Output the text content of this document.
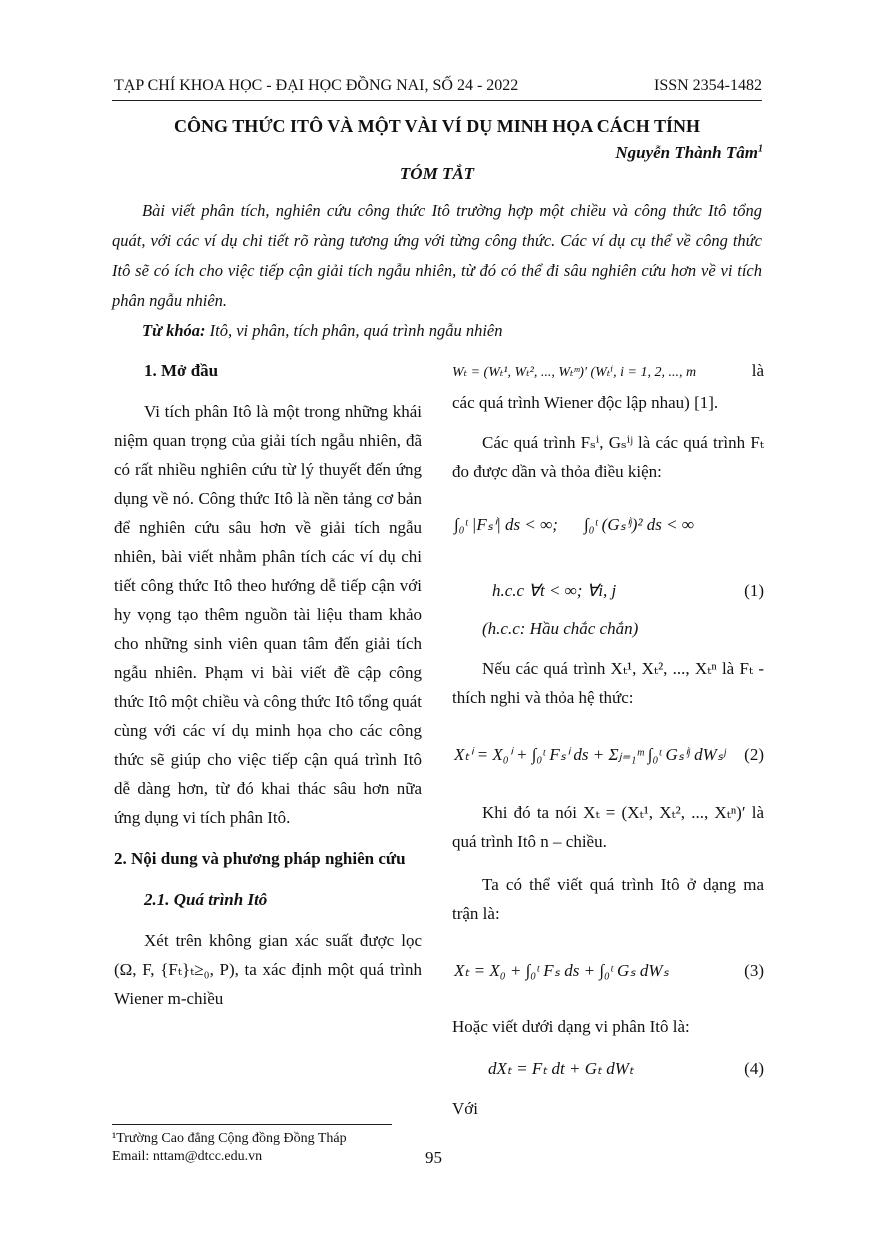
TẠP CHÍ KHOA HỌC - ĐẠI HỌC ĐỒNG NAI, SỐ 24 - 2022	ISSN 2354-1482
CÔNG THỨC ITÔ VÀ MỘT VÀI VÍ DỤ MINH HỌA CÁCH TÍNH
Nguyễn Thành Tâm$^1$
TÓM TẮT

Bài viết phân tích, nghiên cứu công thức Itô trường hợp một chiều và công thức Itô tổng quát, với các ví dụ chi tiết rõ ràng tương ứng với từng công thức. Các ví dụ cụ thể về công thức Itô sẽ có ích cho việc tiếp cận giải tích ngẫu nhiên, từ đó có thể đi sâu nghiên cứu hơn về vi tích phân ngẫu nhiên.

Từ khóa: Itô, vi phân, tích phân, quá trình ngẫu nhiên

1. Mở đầu

Vi tích phân Itô là một trong những khái niệm quan trọng của giải tích ngẫu nhiên, đã có rất nhiều nghiên cứu từ lý thuyết đến ứng dụng về nó. Công thức Itô là nền tảng cơ bản để nghiên cứu sâu hơn về giải tích ngẫu nhiên, bài viết nhằm phân tích các ví dụ chi tiết công thức Itô theo hướng dễ tiếp cận với hy vọng tạo thêm nguồn tài liệu tham khảo cho những sinh viên quan tâm đến giải tích ngẫu nhiên. Phạm vi bài viết đề cập công thức Itô một chiều và công thức Itô tổng quát cùng với các ví dụ minh họa cho các công thức sẽ giúp cho việc tiếp cận quá trình Itô dễ dàng hơn, từ đó khai thác sâu hơn nữa ứng dụng vi tích phân Itô.

2. Nội dung và phương pháp nghiên cứu

2.1. Quá trình Itô

Xét trên không gian xác suất được lọc (Ω, F, {Fₜ}ₜ≥₀, P), ta xác định một quá trình Wiener m-chiều

Wₜ = (Wₜ¹, Wₜ², ..., Wₜᵐ)′ (Wₜⁱ, i = 1, 2, ..., m	là

các quá trình Wiener độc lập nhau) [1].

Các quá trình Fₛⁱ, Gₛⁱʲ là các quá trình Fₜ đo được dần và thỏa điều kiện:

∫₀ᵗ |Fₛⁱ| ds < ∞; ∫₀ᵗ (Gₛⁱʲ)² ds < ∞
h.c.c ∀t < ∞; ∀i, j	(1)

(h.c.c: Hầu chắc chắn)

Nếu các quá trình Xₜ¹, Xₜ², ..., Xₜⁿ là Fₜ - thích nghi và thỏa hệ thức:

Xₜⁱ = X₀ⁱ + ∫₀ᵗ Fₛⁱ ds + Σⱼ₌₁ᵐ ∫₀ᵗ Gₛⁱʲ dWₛʲ (2)

Khi đó ta nói Xₜ = (Xₜ¹, Xₜ², ..., Xₜⁿ)′ là quá trình Itô n – chiều.

Ta có thể viết quá trình Itô ở dạng ma trận là:

Xₜ = X₀ + ∫₀ᵗ Fₛ ds + ∫₀ᵗ Gₛ dWₛ	(3)

Hoặc viết dưới dạng vi phân Itô là:

dXₜ = Fₜ dt + Gₜ dWₜ	(4)

Với

¹Trường Cao đẳng Cộng đồng Đồng Tháp
Email: nttam@dtcc.edu.vn	95
